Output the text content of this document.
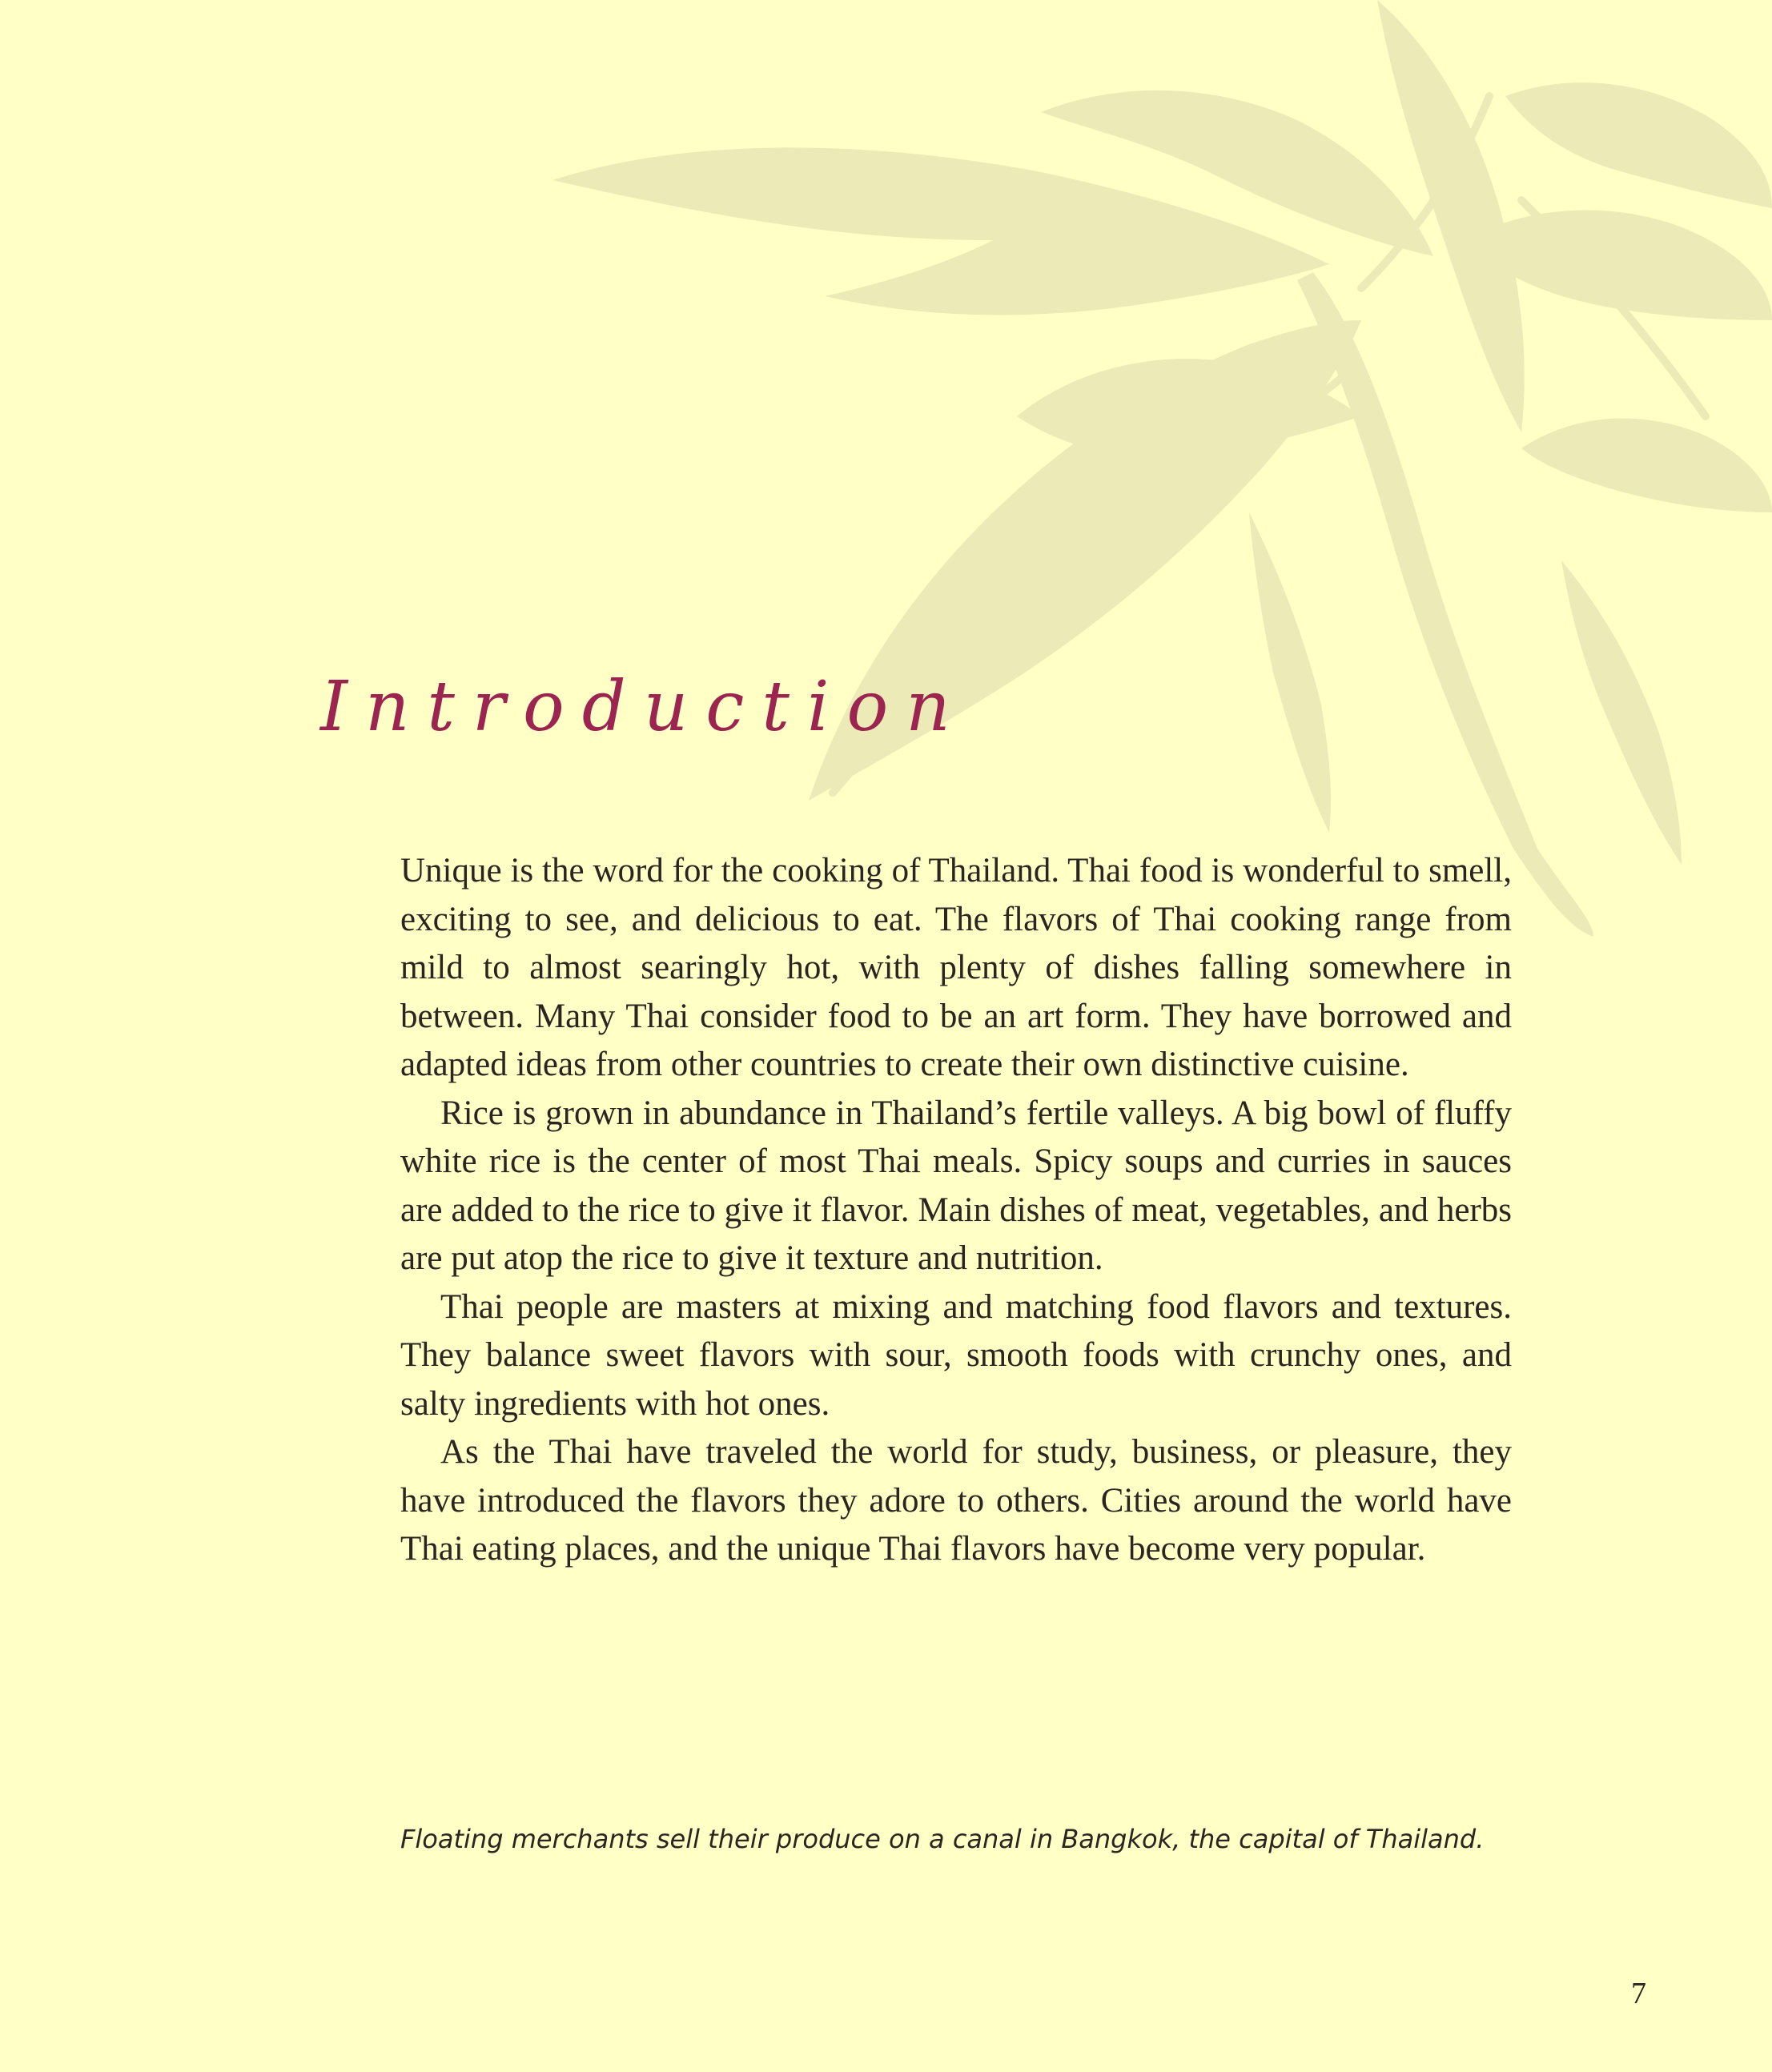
Introduction

Unique is the word for the cooking of Thailand. Thai food is wonderful to smell, exciting to see, and delicious to eat. The flavors of Thai cooking range from mild to almost searingly hot, with plenty of dishes falling somewhere in between. Many Thai consider food to be an art form. They have borrowed and adapted ideas from other countries to create their own distinctive cuisine.

Rice is grown in abundance in Thailand’s fertile valleys. A big bowl of fluffy white rice is the center of most Thai meals. Spicy soups and curries in sauces are added to the rice to give it flavor. Main dishes of meat, vegetables, and herbs are put atop the rice to give it texture and nutrition.

Thai people are masters at mixing and matching food flavors and textures. They balance sweet flavors with sour, smooth foods with crunchy ones, and salty ingredients with hot ones.

As the Thai have traveled the world for study, business, or pleasure, they have introduced the flavors they adore to others. Cities around the world have Thai eating places, and the unique Thai flavors have become very popular.

Floating merchants sell their produce on a canal in Bangkok, the capital of Thailand.

7
